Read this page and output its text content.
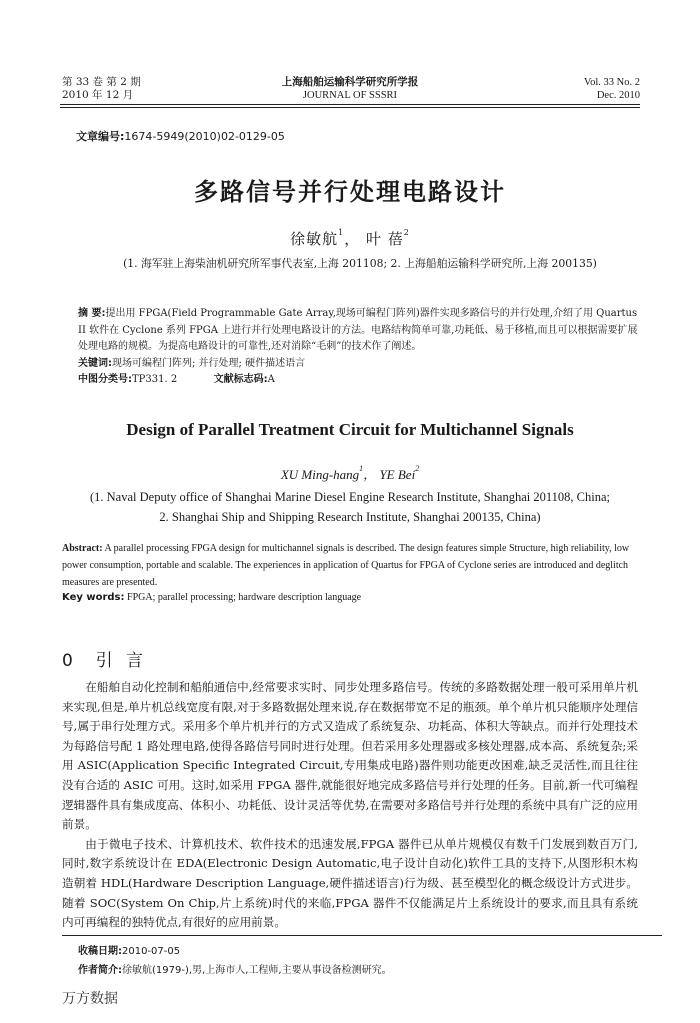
第 33 卷 第 2 期
2010 年 12 月
上海船舶运输科学研究所学报
JOURNAL OF SSSRI
Vol. 33 No. 2
Dec. 2010
文章编号:1674-5949(2010)02-0129-05
多路信号并行处理电路设计
徐敏航$^1$， 叶 蓓$^2$
(1. 海军驻上海柴油机研究所军事代表室,上海 201108; 2. 上海船舶运输科学研究所,上海 200135)
摘 要:提出用 FPGA(Field Programmable Gate Array,现场可编程门阵列)器件实现多路信号的并行处理,介绍了用 Quartus II 软件在 Cyclone 系列 FPGA 上进行并行处理电路设计的方法。电路结构简单可靠,功耗低、易于移植,而且可以根据需要扩展处理电路的规模。为提高电路设计的可靠性,还对消除“毛刺”的技术作了阐述。
关键词:现场可编程门阵列; 并行处理; 硬件描述语言
中图分类号:TP331. 2	文献标志码:A
Design of Parallel Treatment Circuit for Multichannel Signals
XU Ming-hang$^1$， YE Bei$^2$
(1. Naval Deputy office of Shanghai Marine Diesel Engine Research Institute, Shanghai 201108, China;
2. Shanghai Ship and Shipping Research Institute, Shanghai 200135, China)
Abstract: A parallel processing FPGA design for multichannel signals is described. The design features simple Structure, high reliability, low power consumption, portable and scalable. The experiences in application of Quartus for FPGA of Cyclone series are introduced and deglitch measures are presented.
Key words: FPGA; parallel processing; hardware description language
0 引 言

在船舶自动化控制和船舶通信中,经常要求实时、同步处理多路信号。传统的多路数据处理一般可采用单片机来实现,但是,单片机总线宽度有限,对于多路数据处理来说,存在数据带宽不足的瓶颈。单个单片机只能顺序处理信号,属于串行处理方式。采用多个单片机并行的方式又造成了系统复杂、功耗高、体积大等缺点。而并行处理技术为每路信号配 1 路处理电路,使得各路信号同时进行处理。但若采用多处理器或多核处理器,成本高、系统复杂;采用 ASIC(Application Specific Integrated Circuit,专用集成电路)器件则功能更改困难,缺乏灵活性,而且往往没有合适的 ASIC 可用。这时,如采用 FPGA 器件,就能很好地完成多路信号并行处理的任务。目前,新一代可编程逻辑器件具有集成度高、体积小、功耗低、设计灵活等优势,在需要对多路信号并行处理的系统中具有广泛的应用前景。

由于微电子技术、计算机技术、软件技术的迅速发展,FPGA 器件已从单片规模仅有数千门发展到数百万门,同时,数字系统设计在 EDA(Electronic Design Automatic,电子设计自动化)软件工具的支持下,从图形积木构造朝着 HDL(Hardware Description Language,硬件描述语言)行为级、甚至模型化的概念级设计方式进步。随着 SOC(System On Chip,片上系统)时代的来临,FPGA 器件不仅能满足片上系统设计的要求,而且具有系统内可再编程的独特优点,有很好的应用前景。

收稿日期:2010-07-05
作者简介:徐敏航(1979-),男,上海市人,工程师,主要从事设备检测研究。
万方数据
